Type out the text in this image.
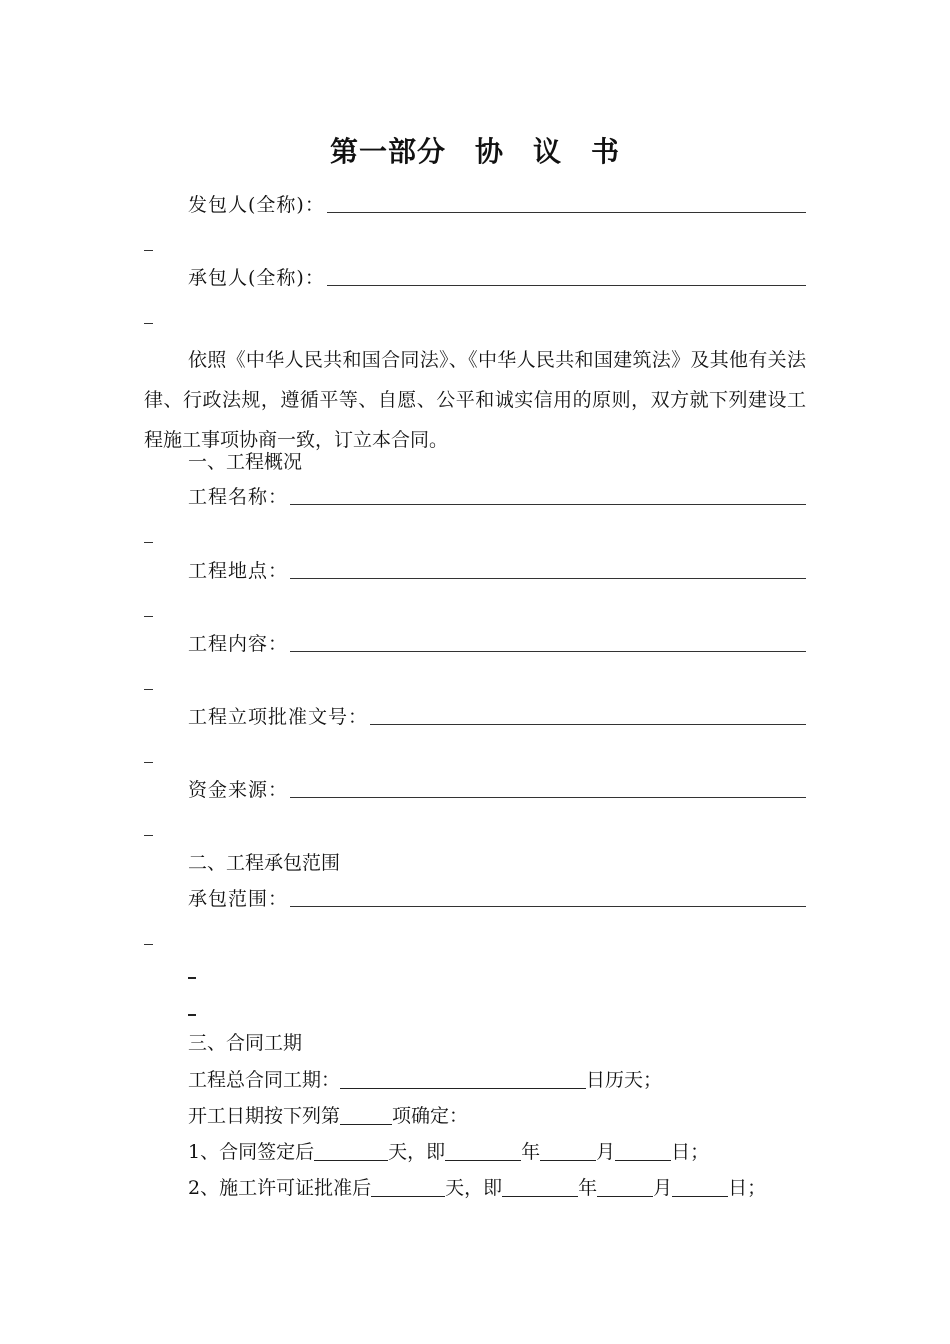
第一部分　协　议　书
发包人(全称)：
承包人(全称)：
依照《中华人民共和国合同法》、《中华人民共和国建筑法》及其他有关法律、行政法规，遵循平等、自愿、公平和诚实信用的原则，双方就下列建设工程施工事项协商一致，订立本合同。
一、工程概况
工程名称：
工程地点：
工程内容：
工程立项批准文号：
资金来源：
二、工程承包范围
承包范围：
三、合同工期
工程总合同工期：	日历天；
开工日期按下列第	项确定：
1、合同签定后	天，即	年	月	日；
2、施工许可证批准后	天，即	年	月	日；
